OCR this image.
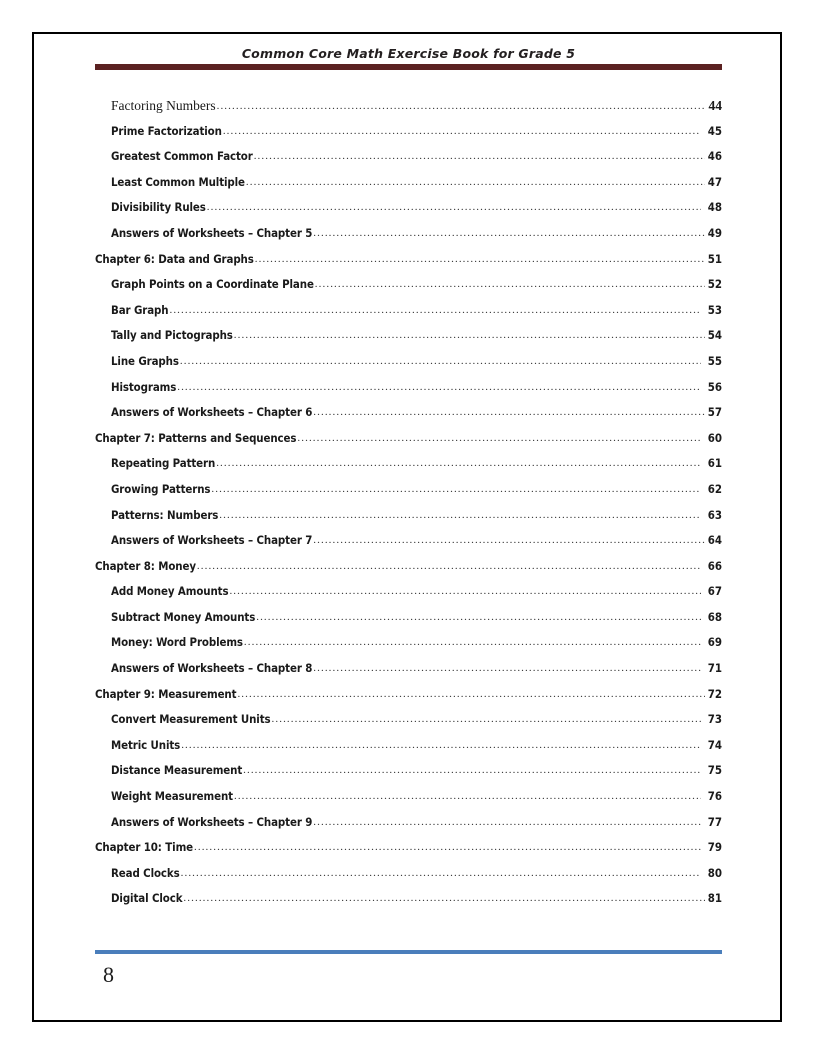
Common Core Math Exercise Book for Grade 5
Factoring Numbers .....	44
Prime Factorization .....	45
Greatest Common Factor .....	46
Least Common Multiple .....	47
Divisibility Rules .....	48
Answers of Worksheets – Chapter 5 .....	49
Chapter 6: Data and Graphs .....	51
Graph Points on a Coordinate Plane .....	52
Bar Graph .....	53
Tally and Pictographs .....	54
Line Graphs .....	55
Histograms .....	56
Answers of Worksheets – Chapter 6 .....	57
Chapter 7: Patterns and Sequences .....	60
Repeating Pattern .....	61
Growing Patterns .....	62
Patterns: Numbers .....	63
Answers of Worksheets – Chapter 7 .....	64
Chapter 8: Money .....	66
Add Money Amounts .....	67
Subtract Money Amounts .....	68
Money: Word Problems .....	69
Answers of Worksheets – Chapter 8 .....	71
Chapter 9: Measurement .....	72
Convert Measurement Units .....	73
Metric Units .....	74
Distance Measurement .....	75
Weight Measurement .....	76
Answers of Worksheets – Chapter 9 .....	77
Chapter 10: Time .....	79
Read Clocks .....	80
Digital Clock .....	81
8
